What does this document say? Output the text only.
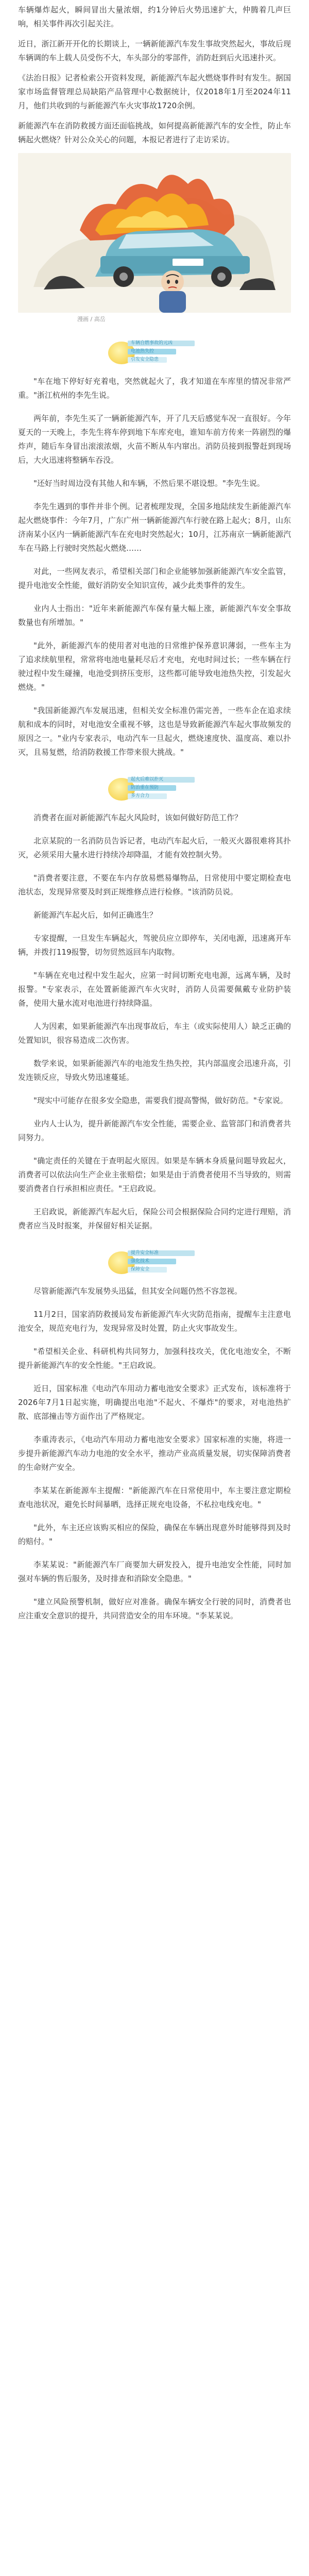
车辆爆炸起火，瞬间冒出大量浓烟，约1分钟后火势迅速扩大，仲腾着几声巨响，相关事件再次引起关注。

近日，浙江新开开化的长期谈上，一辆新能源汽车发生事故突然起火，事故后现车辆调的车上载人员受伤不大，车头部分的零部件，消防赶到后火迅速扑灭。

《法治日报》记者检索公开资料发现，新能源汽车起火燃烧事件时有发生。据国家市场监督管理总局缺陷产品管理中心数据统计，仅2018年1月至2024年11月，他们共收到的与新能源汽车火灾事故1720余例。

新能源汽车在消防救援方面还面临挑战，如何提高新能源汽车的安全性，防止车辆起火燃烧？针对公众关心的问题，本报记者进行了走访采访。

漫画 / 高岳
车辆自燃事故的元凶
电池热失控
引发安全隐患

"车在地下停好好充着电，突然就起火了，我才知道在车库里的情况非常严重。"浙江杭州的李先生说。

两年前，李先生买了一辆新能源汽车，开了几天后感觉车况一直很好。今年夏天的一天晚上，李先生将车停到地下车库充电，谁知车前方传来一阵剧烈的爆炸声，随后车身冒出滚滚浓烟，火苗不断从车内窜出。消防员接到报警赶到现场后，大火迅速将整辆车吞没。

"还好当时周边没有其他人和车辆，不然后果不堪设想。"李先生说。

李先生遇到的事件并非个例。记者梳理发现，全国多地陆续发生新能源汽车起火燃烧事件：今年7月，广东广州一辆新能源汽车行驶在路上起火；8月，山东济南某小区内一辆新能源汽车在充电时突然起火；10月，江苏南京一辆新能源汽车在马路上行驶时突然起火燃烧……

对此，一些网友表示，希望相关部门和企业能够加强新能源汽车安全监管，提升电池安全性能，做好消防安全知识宣传，减少此类事件的发生。

业内人士指出："近年来新能源汽车保有量大幅上涨，新能源汽车安全事故数量也有所增加。"

"此外，新能源汽车的使用者对电池的日常维护保养意识薄弱，一些车主为了追求续航里程，常常将电池电量耗尽后才充电，充电时间过长；一些车辆在行驶过程中发生碰撞，电池受到挤压变形，这些都可能导致电池热失控，引发起火燃烧。"

"我国新能源汽车发展迅速，但相关安全标准仍需完善，一些车企在追求续航和成本的同时，对电池安全重视不够，这也是导致新能源汽车起火事故频发的原因之一。"业内专家表示，电动汽车一旦起火，燃烧速度快、温度高、难以扑灭，且易复燃，给消防救援工作带来很大挑战。"

起火后难以扑灭
防治重在预防
多方合力

消费者在面对新能源汽车起火风险时，该如何做好防范工作？

北京某院的一名消防员告诉记者，电动汽车起火后，一般灭火器很难将其扑灭，必须采用大量水进行持续冷却降温，才能有效控制火势。

"消费者要注意，不要在车内存放易燃易爆物品，日常使用中要定期检查电池状态，发现异常要及时到正规维修点进行检修。"该消防员说。

新能源汽车起火后，如何正确逃生？

专家提醒，一旦发生车辆起火，驾驶员应立即停车，关闭电源，迅速离开车辆，并拨打119报警，切勿贸然返回车内取物。

"车辆在充电过程中发生起火，应第一时间切断充电电源，远离车辆，及时报警。"专家表示，在处置新能源汽车火灾时，消防人员需要佩戴专业防护装备，使用大量水流对电池进行持续降温。

人为因素，如果新能源汽车出现事故后，车主（或实际使用人）缺乏正确的处置知识，很容易造成二次伤害。

数学来说，如果新能源汽车的电池发生热失控，其内部温度会迅速升高，引发连锁反应，导致火势迅速蔓延。

"现实中可能存在很多安全隐患，需要我们提高警惕，做好防范。"专家说。

业内人士认为，提升新能源汽车安全性能，需要企业、监管部门和消费者共同努力。

"确定责任的关键在于查明起火原因。如果是车辆本身质量问题导致起火，消费者可以依法向生产企业主张赔偿；如果是由于消费者使用不当导致的，则需要消费者自行承担相应责任。"王启政说。

王启政说，新能源汽车起火后，保险公司会根据保险合同约定进行理赔，消费者应当及时报案，并保留好相关证据。

提升安全标准
强化技术
保障安全

尽管新能源汽车发展势头迅猛，但其安全问题仍然不容忽视。

11月2日，国家消防救援局发布新能源汽车火灾防范指南，提醒车主注意电池安全，规范充电行为，发现异常及时处置，防止火灾事故发生。

"希望相关企业、科研机构共同努力，加强科技攻关，优化电池安全，不断提升新能源汽车的安全性能。"王启政说。

近日，国家标准《电动汽车用动力蓄电池安全要求》正式发布，该标准将于2026年7月1日起实施，明确提出电池"不起火、不爆炸"的要求，对电池热扩散、底部撞击等方面作出了严格规定。

李重涛表示，《电动汽车用动力蓄电池安全要求》国家标准的实施，将进一步提升新能源汽车动力电池的安全水平，推动产业高质量发展，切实保障消费者的生命财产安全。

李某某在新能源车主提醒："新能源汽车在日常使用中，车主要注意定期检查电池状况，避免长时间暴晒，选择正规充电设备，不私拉电线充电。"

"此外，车主还应该购买相应的保险，确保在车辆出现意外时能够得到及时的赔付。"

李某某说："新能源汽车厂商要加大研发投入，提升电池安全性能，同时加强对车辆的售后服务，及时排查和消除安全隐患。"

"建立风险预警机制，做好应对准备。确保车辆安全行驶的同时，消费者也应注重安全意识的提升，共同营造安全的用车环境。"李某某说。
